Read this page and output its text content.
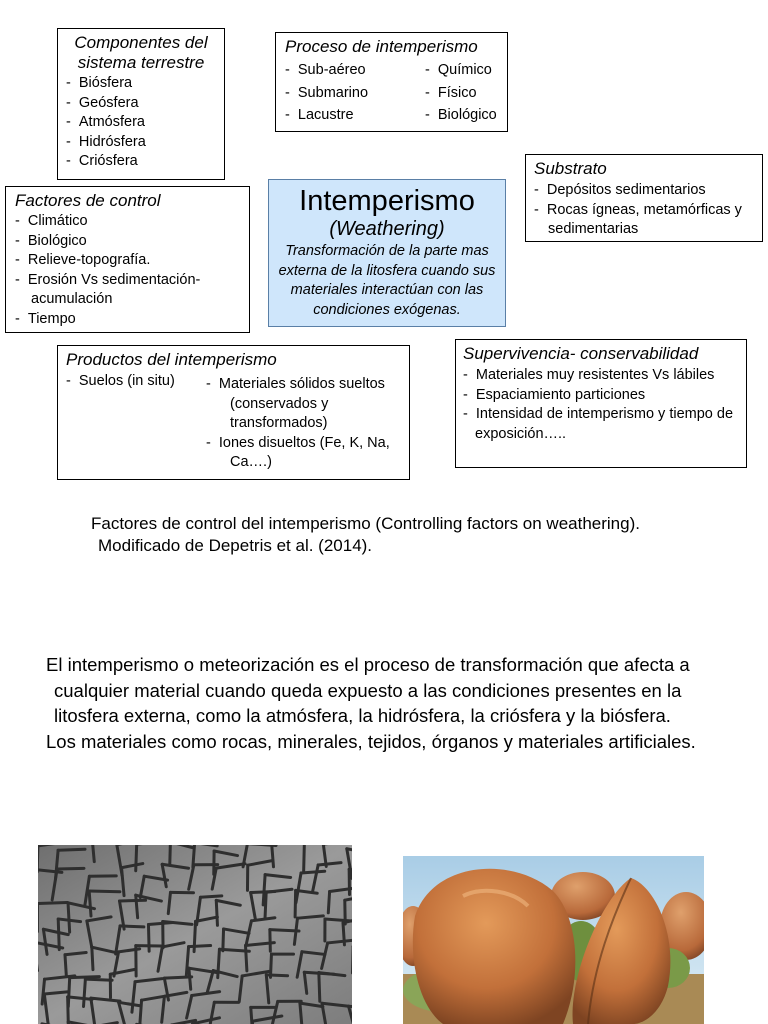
Componentes del sistema terrestre
-  Biósfera
-  Geósfera
-  Atmósfera
-  Hidrósfera
-  Criósfera
Proceso de intemperismo
-  Sub-aéreo
-  Submarino
-  Lacustre
-  Químico
-  Físico
-  Biológico
Substrato
-  Depósitos sedimentarios
-  Rocas ígneas, metamórficas y sedimentarias
Factores de control
-  Climático
-  Biológico
-  Relieve-topografía.
-  Erosión Vs sedimentación-acumulación
-  Tiempo
Intemperismo
(Weathering)
Transformación de la parte mas externa de la litosfera cuando sus materiales interactúan con las condiciones exógenas.
Productos del intemperismo
-  Suelos (in situ)
-	Materiales sólidos sueltos (conservados y transformados)
-  Iones disueltos (Fe, K, Na, Ca….)
Supervivencia- conservabilidad
-  Materiales muy resistentes Vs lábiles
-  Espaciamiento particiones
-  Intensidad de intemperismo y tiempo de exposición…..
Factores de control del intemperismo (Controlling factors on weathering).
Modificado de Depetris et al. (2014).
El intemperismo o meteorización es el proceso de transformación que afecta a cualquier material cuando queda expuesto a las condiciones presentes en la litosfera externa, como la atmósfera, la hidrósfera, la criósfera y la biósfera.
Los materiales como rocas, minerales, tejidos, órganos y materiales artificiales.
